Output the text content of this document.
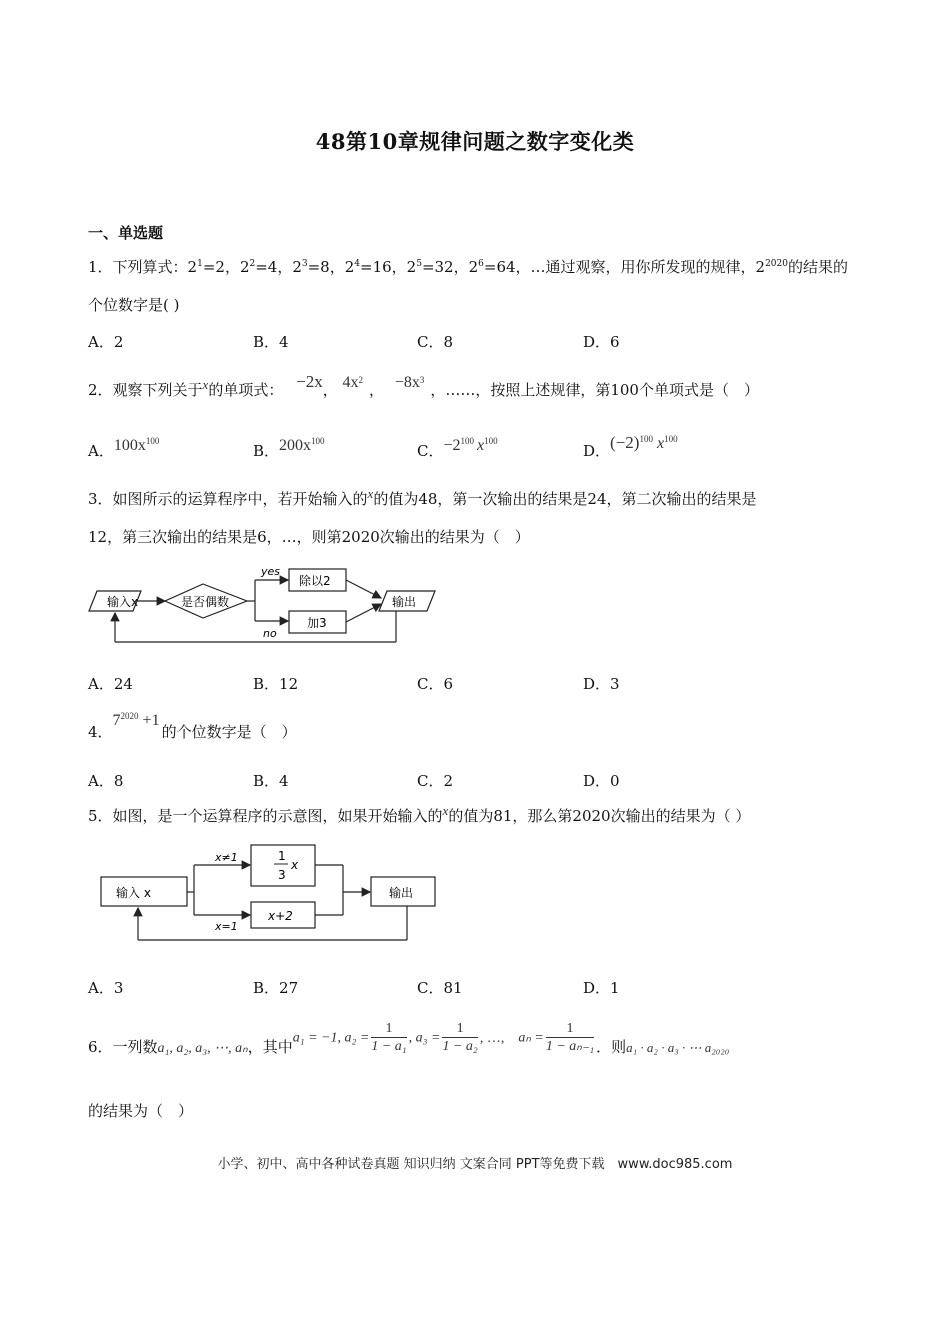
48第10章规律问题之数字变化类
一、单选题
1．下列算式：$2^1=2$，$2^2=4$，$2^3=8$，$2^4=16$，$2^5=32$，$2^6=64$，…通过观察，用你所发现的规律，$2^{2020}$的结果的
个位数字是( )
A．2	B．4	C．8	D．6
2．观察下列关于$^x$的单项式： −2x， $4x^2$， $-8x^3$，……，按照上述规律，第100个单项式是（　）
A．$100x^{100}$
B．$200x^{100}$
C．$-2^{100}$ $x^{100}$
D．$(-2)^{100}$ $x^{100}$
3．如图所示的运算程序中，若开始输入的$^x$的值为48，第一次输出的结果是24，第二次输出的结果是
12，第三次输出的结果是6，…，则第2020次输出的结果为（　）
输入x	是否偶数
yes
no
除以2
加3
输出
A．24	B．12	C．6	D．3
4．$7^{2020} +1$的个位数字是（　）
A．8	B．4	C．2	D．0
5．如图，是一个运算程序的示意图，如果开始输入的$^x$的值为81，那么第2020次输出的结果为（ ）
输入 x
x≠1
x=1
1
3
x
x+2
输出
A．3	B．27	C．81	D．1
6．一列数a₁, a₂, a₃, ⋯, aₙ，其中a₁ = −1, $a_2 = \frac{1}{\text{1 − a₁}}$ , $a_3 = \frac{1}{\text{1 − a₂}}$ , …, $a_n = \frac{1}{\text{1 − aₙ₋₁}}$ ．则a₁ · a₂ · a₃ · ⋯ a₂₀₂₀
的结果为（　）
小学、初中、高中各种试卷真题 知识归纳 文案合同 PPT等免费下载　www.doc985.com
